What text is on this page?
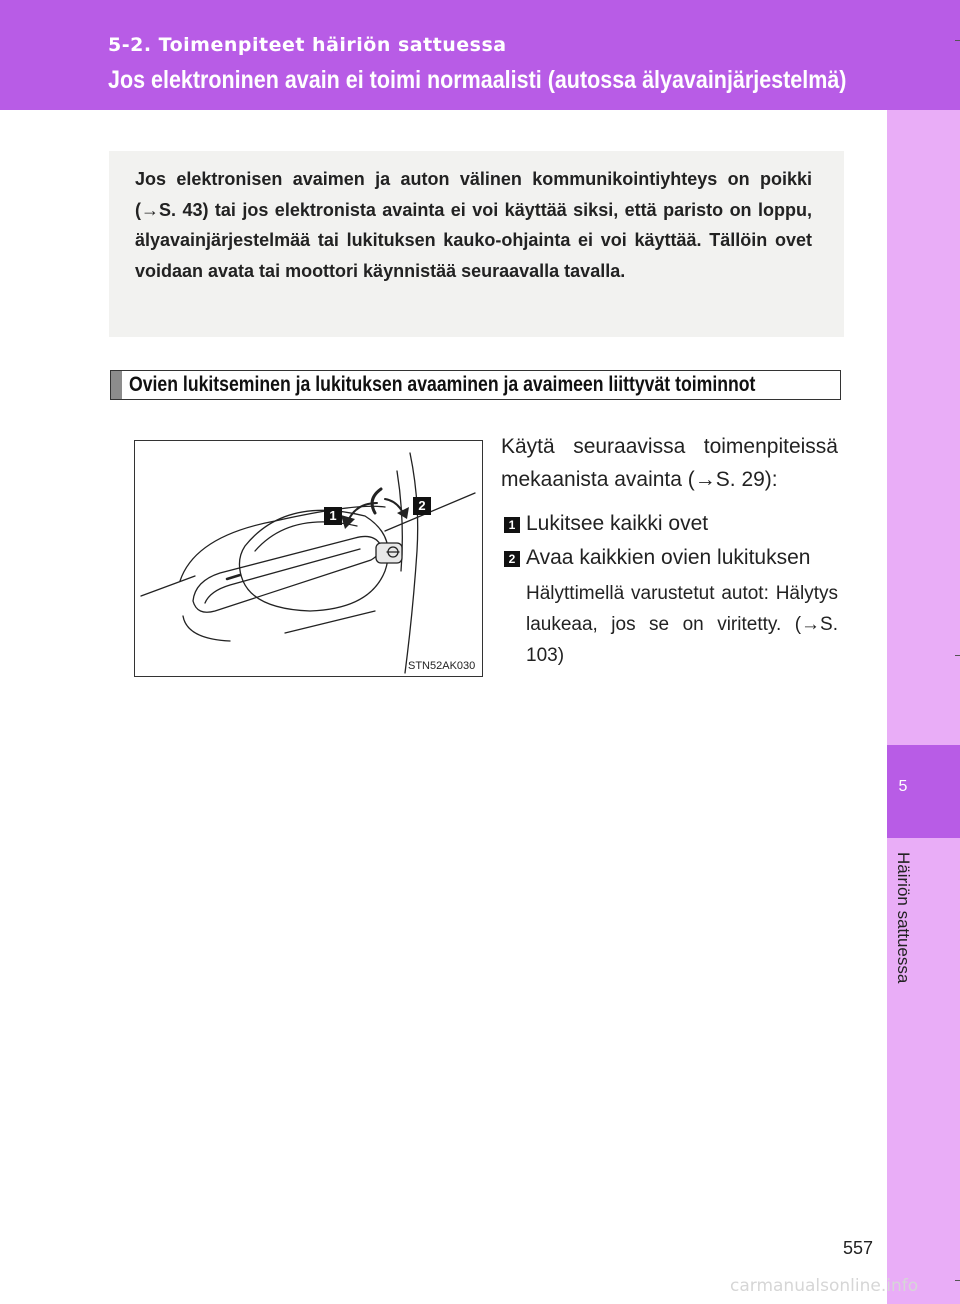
5-2. Toimenpiteet häiriön sattuessa
Jos elektroninen avain ei toimi normaalisti (autossa älyavainjärjestelmä)
5
Häiriön sattuessa
Jos elektronisen avaimen ja auton välinen kommunikointiyhteys on poikki (→S. 43) tai jos elektronista avainta ei voi käyttää siksi, että paristo on loppu, älyavainjärjestelmää tai lukituksen kauko-ohjainta ei voi käyttää. Tällöin ovet voidaan avata tai moottori käynnistää seuraavalla tavalla.
Ovien lukitseminen ja lukituksen avaaminen ja avaimeen liittyvät toiminnot
1
2
STN52AK030
Käytä seuraavissa toimenpiteissä mekaanista avainta (→S. 29):
1 Lukitsee kaikki ovet
2 Avaa kaikkien ovien lukituksen
Hälyttimellä varustetut autot: Hälytys laukeaa, jos se on viritetty. (→S. 103)
557
carmanualsonline.info
